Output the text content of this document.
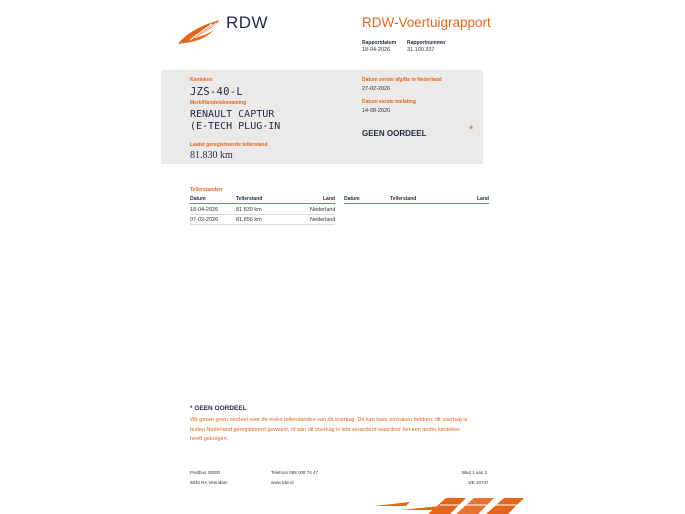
RDW	RDW-Voertuigrapport
Rapportdatum
18-04-2026
Rapportnummer
31.100.337
Kenteken
JZS-40-L
Merk/Handelsbenaming
RENAULT CAPTUR
(E-TECH PLUG-IN
Laatst geregistreerde tellerstand
81.830 km
Datum eerste afgifte in Nederland
27-02-2026
Datum eerste toelating
14-08-2020
GEEN OORDEEL	*
Tellerstanden
Datum	Tellerstand	Land Datum	Tellerstand	Land
18-04-2026	81.830 km	Nederland
07-02-2026	81.656 km	Nederland
* GEEN OORDEEL
Wij geven geen oordeel over de reeks tellerstanden van dit voertuig. Dit kan twee oorzaken hebben: dit voertuig is
buiten Nederland geregistreerd geweest, of aan dit voertuig is iets veranderd waardoor het een ander kenteken
heeft gekregen.
Postbus 30000
9640 RA Veendam
Telefoon 088 008 74 47
www.rdw.nl
Blad 1 van 3
3/E 10737
